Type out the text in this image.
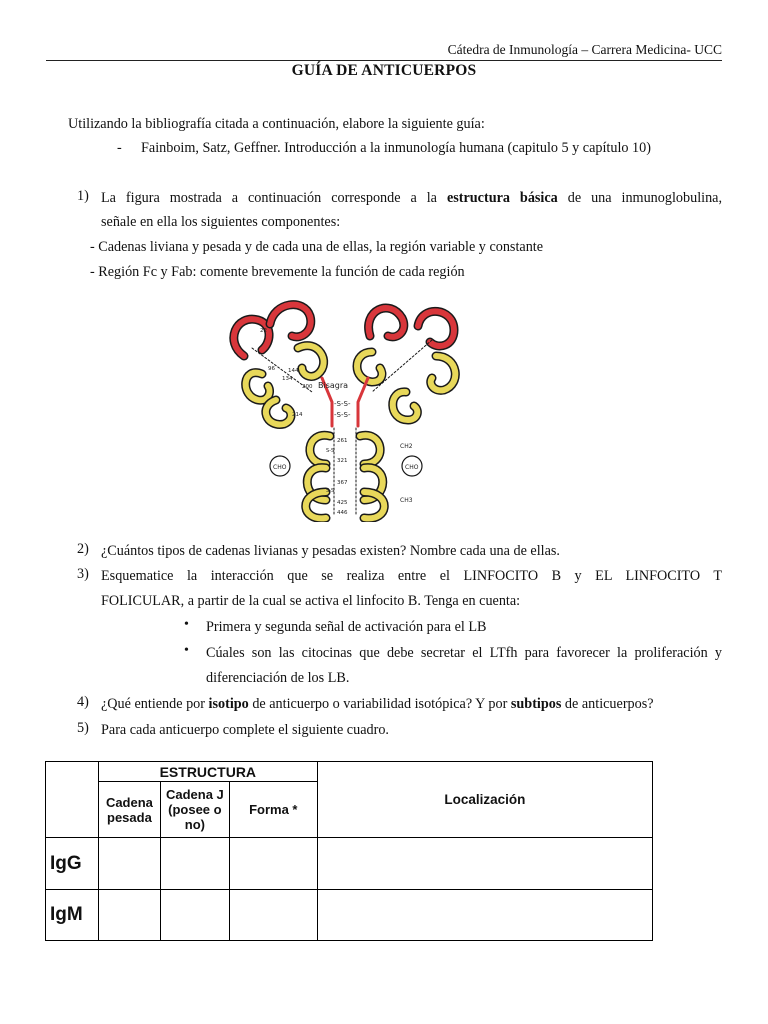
Cátedra de Inmunología – Carrera Medicina- UCC
GUÍA DE ANTICUERPOS
Utilizando la bibliografía citada a continuación, elabore la siguiente guía:
- Fainboim, Satz, Geffner. Introducción a la inmunología humana (capitulo 5 y capítulo 10)
1) La figura mostrada a continuación corresponde a la estructura básica de una inmunoglobulina,
señale en ella los siguientes componentes:
- Cadenas liviana y pesada y de cada una de ellas, la región variable y constante
- Región Fc y Fab: comente brevemente la función de cada región
Bisagra
-S-S-
-S-S-
CHO	CHO
CH2
CH3
22
96
134
144
200
214
261
321
367
425
446
S-S
S-S
2) ¿Cuántos tipos de cadenas livianas y pesadas existen? Nombre cada una de ellas.
3) Esquematice la interacción que se realiza entre el LINFOCITO B y EL LINFOCITO T
FOLICULAR, a partir de la cual se activa el linfocito B. Tenga en cuenta:
• Primera y segunda señal de activación para el LB
• Cúales son las citocinas que debe secretar el LTfh para favorecer la proliferación y
diferenciación de los LB.
4) ¿Qué entiende por isotipo de anticuerpo o variabilidad isotópica? Y por subtipos de anticuerpos?
5) Para cada anticuerpo complete el siguiente cuadro.
	ESTRUCTURA			Localización
	Cadena pesada	Cadena J (posee o no)	Forma *	
IgG				
IgM				
